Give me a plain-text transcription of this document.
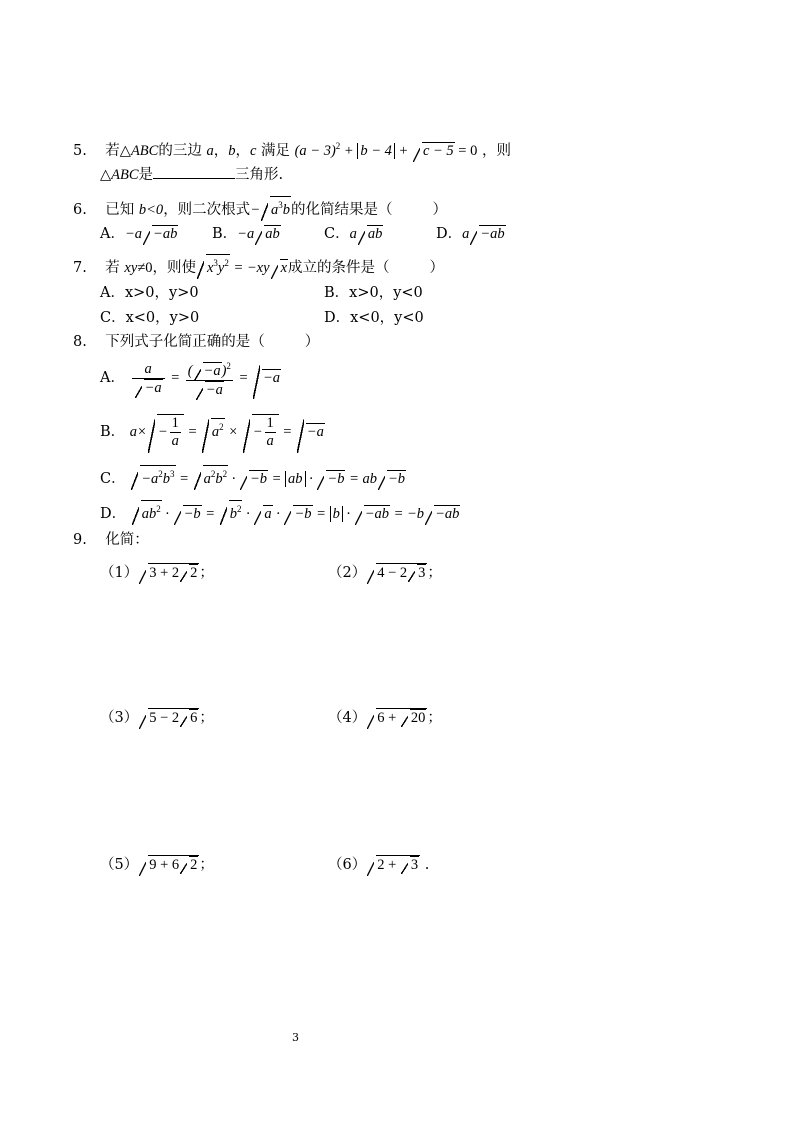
5. 若△ABC的三边 a，b，c 满足 $(a - 3)^2 + b - 4 + c - 5 = 0$ ，则
△ABC是	三角形.
6. 已知 b<0，则二次根式− $a^3b$的化简结果是（	）
A．−a −ab B．−a ab	C．a ab	D．a −ab
7. 若 xy≠0，则使 $x^3y^2 = -xy$ x成立的条件是（	）
A．x>0，y>0	B．x>0，y<0
C．x<0，y>0	D．x<0，y<0
8. 下列式子化简正确的是（	）
A． $\frac{a}{-a} = \frac{( -a)^2}{-a} = -a$
B． $a\times - \frac{1}{a} = a^2$ × − $\frac{1}{a} = -a$
C． $-a^2b^3 = a^2b^2 \cdot -b$ = ab · −b = ab −b
D． $ab^2 \cdot -b = b^2 \cdot a \cdot -b = b \cdot -ab = -b -ab$
9. 化简：
（1） 3 + 2 2 ；	（2） 4 − 2 3 ；
（3） 5 − 2 6 ；	（4） 6 + 20 ；
（5） 9 + 6 2 ；	（6） 2 + 3 .
3
